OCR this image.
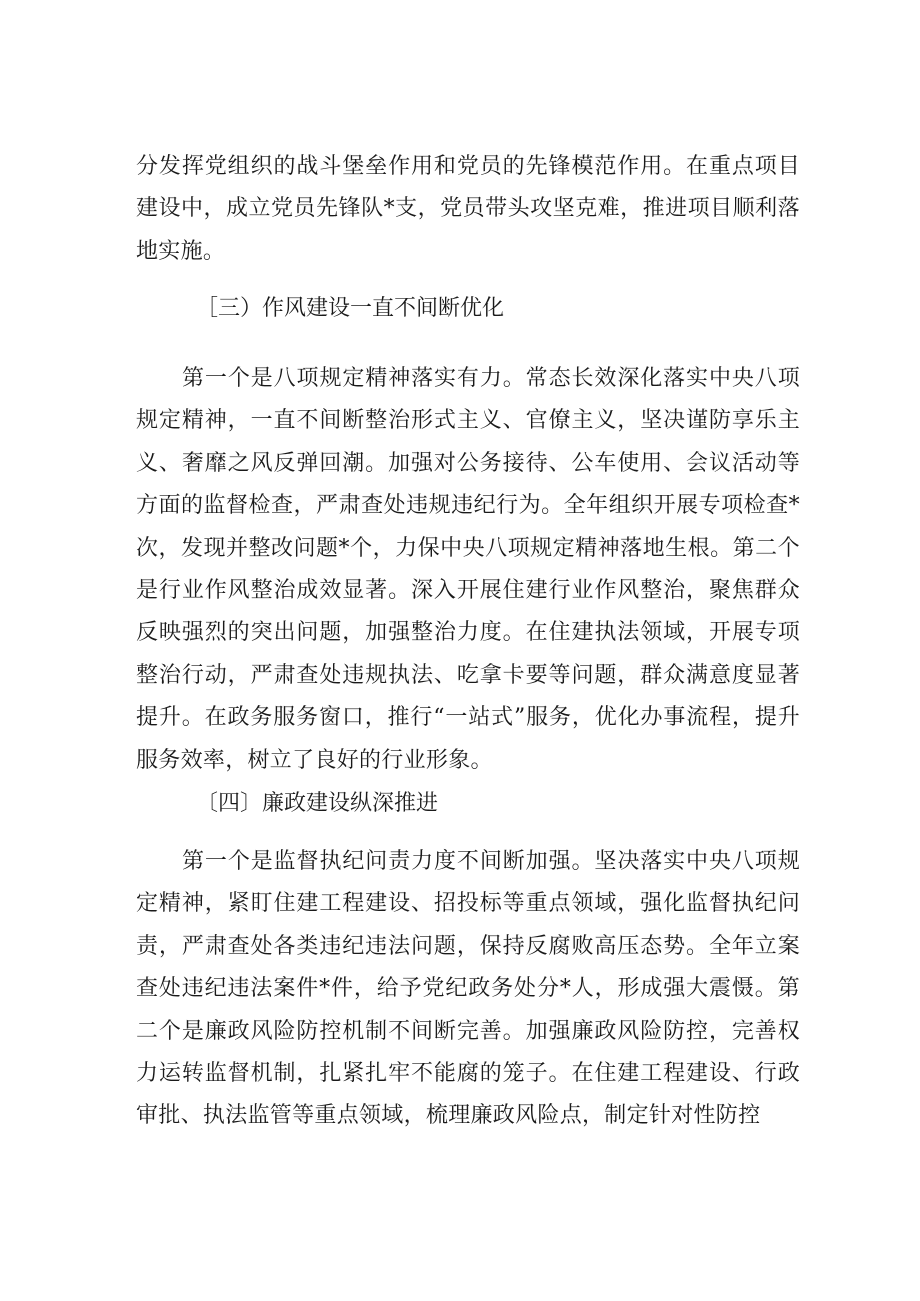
分发挥党组织的战斗堡垒作用和党员的先锋模范作用。在重点项目建设中，成立党员先锋队*支，党员带头攻坚克难，推进项目顺利落地实施。

［三）作风建设一直不间断优化

第一个是八项规定精神落实有力。常态长效深化落实中央八项规定精神，一直不间断整治形式主义、官僚主义，坚决谨防享乐主义、奢靡之风反弹回潮。加强对公务接待、公车使用、会议活动等方面的监督检查，严肃查处违规违纪行为。全年组织开展专项检查*次，发现并整改问题*个，力保中央八项规定精神落地生根。第二个是行业作风整治成效显著。深入开展住建行业作风整治，聚焦群众反映强烈的突出问题，加强整治力度。在住建执法领域，开展专项整治行动，严肃查处违规执法、吃拿卡要等问题，群众满意度显著提升。在政务服务窗口，推行“一站式”服务，优化办事流程，提升服务效率，树立了良好的行业形象。

〔四〕廉政建设纵深推进

第一个是监督执纪问责力度不间断加强。坚决落实中央八项规定精神，紧盯住建工程建设、招投标等重点领域，强化监督执纪问责，严肃查处各类违纪违法问题，保持反腐败高压态势。全年立案查处违纪违法案件*件，给予党纪政务处分*人，形成强大震慑。第二个是廉政风险防控机制不间断完善。加强廉政风险防控，完善权力运转监督机制，扎紧扎牢不能腐的笼子。在住建工程建设、行政审批、执法监管等重点领域，梳理廉政风险点，制定针对性防控
